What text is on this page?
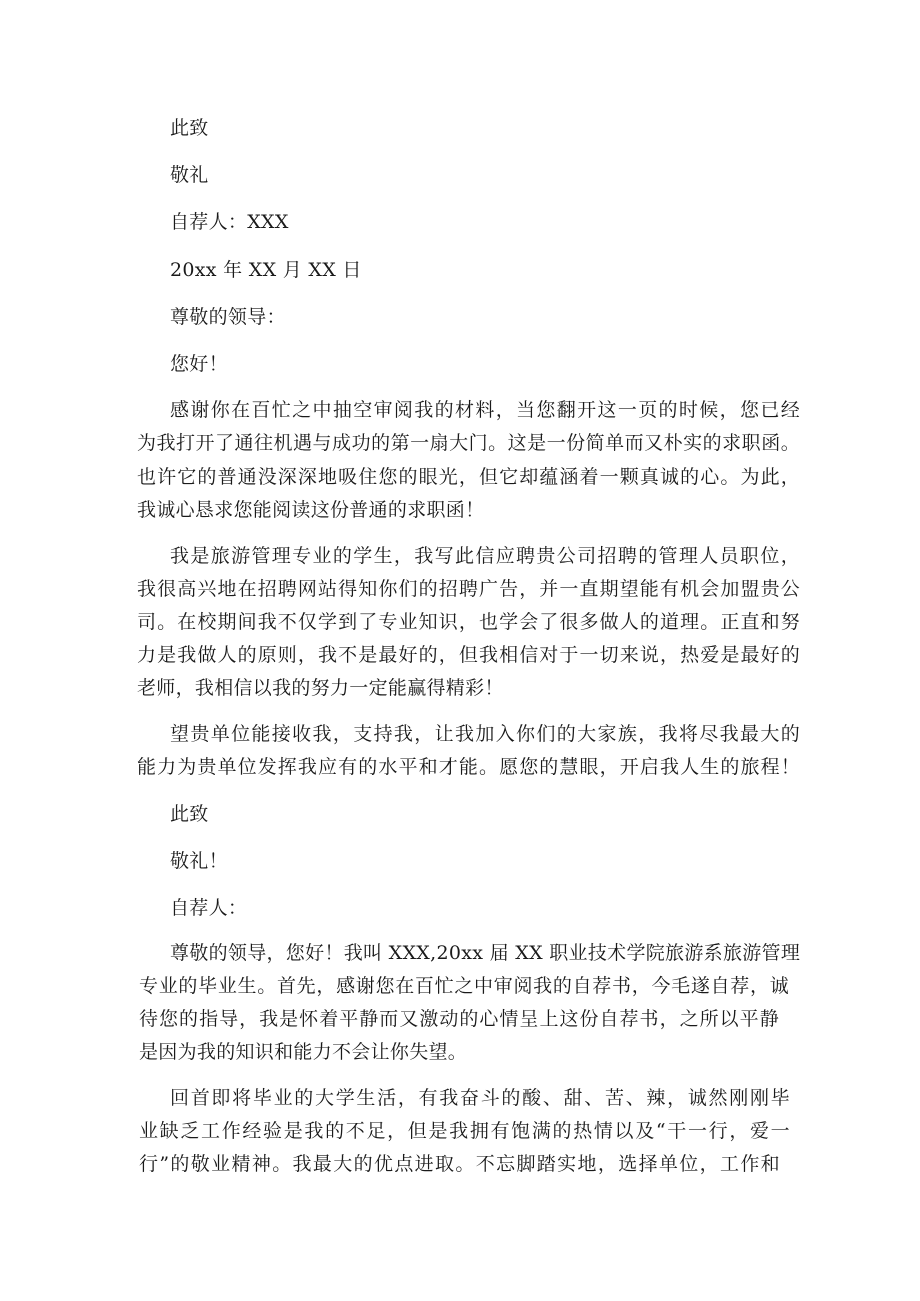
此致

敬礼

自荐人：XXX

20xx 年 XX 月 XX 日

尊敬的领导：

您好！

感谢你在百忙之中抽空审阅我的材料，当您翻开这一页的时候，您已经

为我打开了通往机遇与成功的第一扇大门。这是一份简单而又朴实的求职函。

也许它的普通没深深地吸住您的眼光，但它却蕴涵着一颗真诚的心。为此，

我诚心恳求您能阅读这份普通的求职函！

我是旅游管理专业的学生，我写此信应聘贵公司招聘的管理人员职位，

我很高兴地在招聘网站得知你们的招聘广告，并一直期望能有机会加盟贵公

司。在校期间我不仅学到了专业知识，也学会了很多做人的道理。正直和努

力是我做人的原则，我不是最好的，但我相信对于一切来说，热爱是最好的

老师，我相信以我的努力一定能赢得精彩！

望贵单位能接收我，支持我，让我加入你们的大家族，我将尽我最大的

能力为贵单位发挥我应有的水平和才能。愿您的慧眼，开启我人生的旅程！

此致

敬礼！

自荐人：

尊敬的领导，您好！我叫 XXX,20xx 届 XX 职业技术学院旅游系旅游管理

专业的毕业生。首先，感谢您在百忙之中审阅我的自荐书，今毛遂自荐，诚

待您的指导，我是怀着平静而又激动的心情呈上这份自荐书，之所以平静

是因为我的知识和能力不会让你失望。

回首即将毕业的大学生活，有我奋斗的酸、甜、苦、辣，诚然刚刚毕

业缺乏工作经验是我的不足，但是我拥有饱满的热情以及“干一行，爱一

行”的敬业精神。我最大的优点进取。不忘脚踏实地，选择单位，工作和
